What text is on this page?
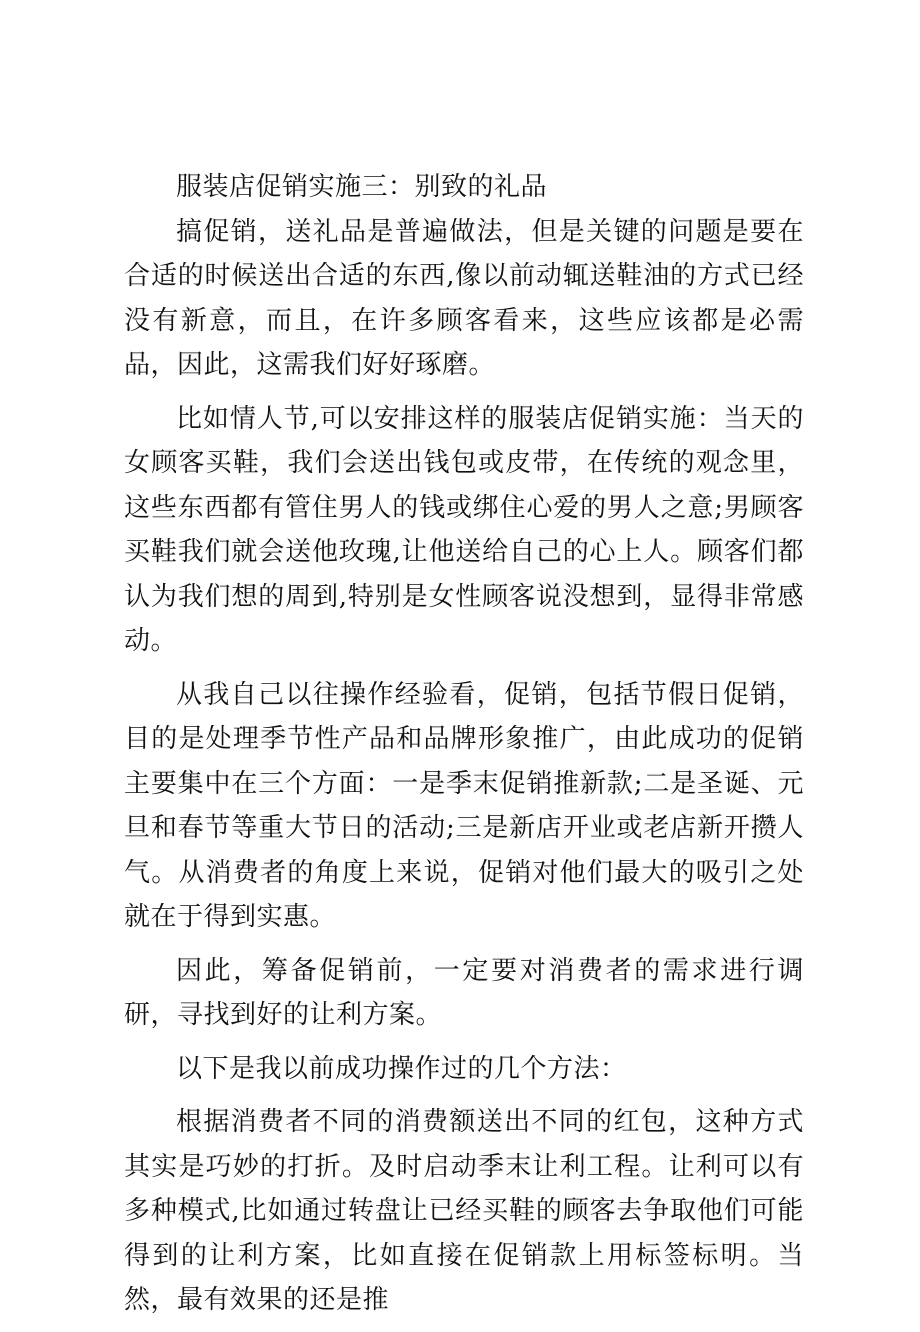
服装店促销实施三：别致的礼品

搞促销，送礼品是普遍做法，但是关键的问题是要在合适的时候送出合适的东西,像以前动辄送鞋油的方式已经没有新意，而且，在许多顾客看来，这些应该都是必需品，因此，这需我们好好琢磨。

比如情人节,可以安排这样的服装店促销实施：当天的女顾客买鞋，我们会送出钱包或皮带，在传统的观念里，这些东西都有管住男人的钱或绑住心爱的男人之意;男顾客买鞋我们就会送他玫瑰,让他送给自己的心上人。顾客们都认为我们想的周到,特别是女性顾客说没想到，显得非常感动。

从我自己以往操作经验看，促销，包括节假日促销，目的是处理季节性产品和品牌形象推广，由此成功的促销主要集中在三个方面：一是季末促销推新款;二是圣诞、元旦和春节等重大节日的活动;三是新店开业或老店新开攒人气。从消费者的角度上来说，促销对他们最大的吸引之处就在于得到实惠。

因此，筹备促销前，一定要对消费者的需求进行调研，寻找到好的让利方案。

以下是我以前成功操作过的几个方法：

根据消费者不同的消费额送出不同的红包，这种方式其实是巧妙的打折。及时启动季末让利工程。让利可以有多种模式,比如通过转盘让已经买鞋的顾客去争取他们可能得到的让利方案，比如直接在促销款上用标签标明。当然，最有效果的还是推
